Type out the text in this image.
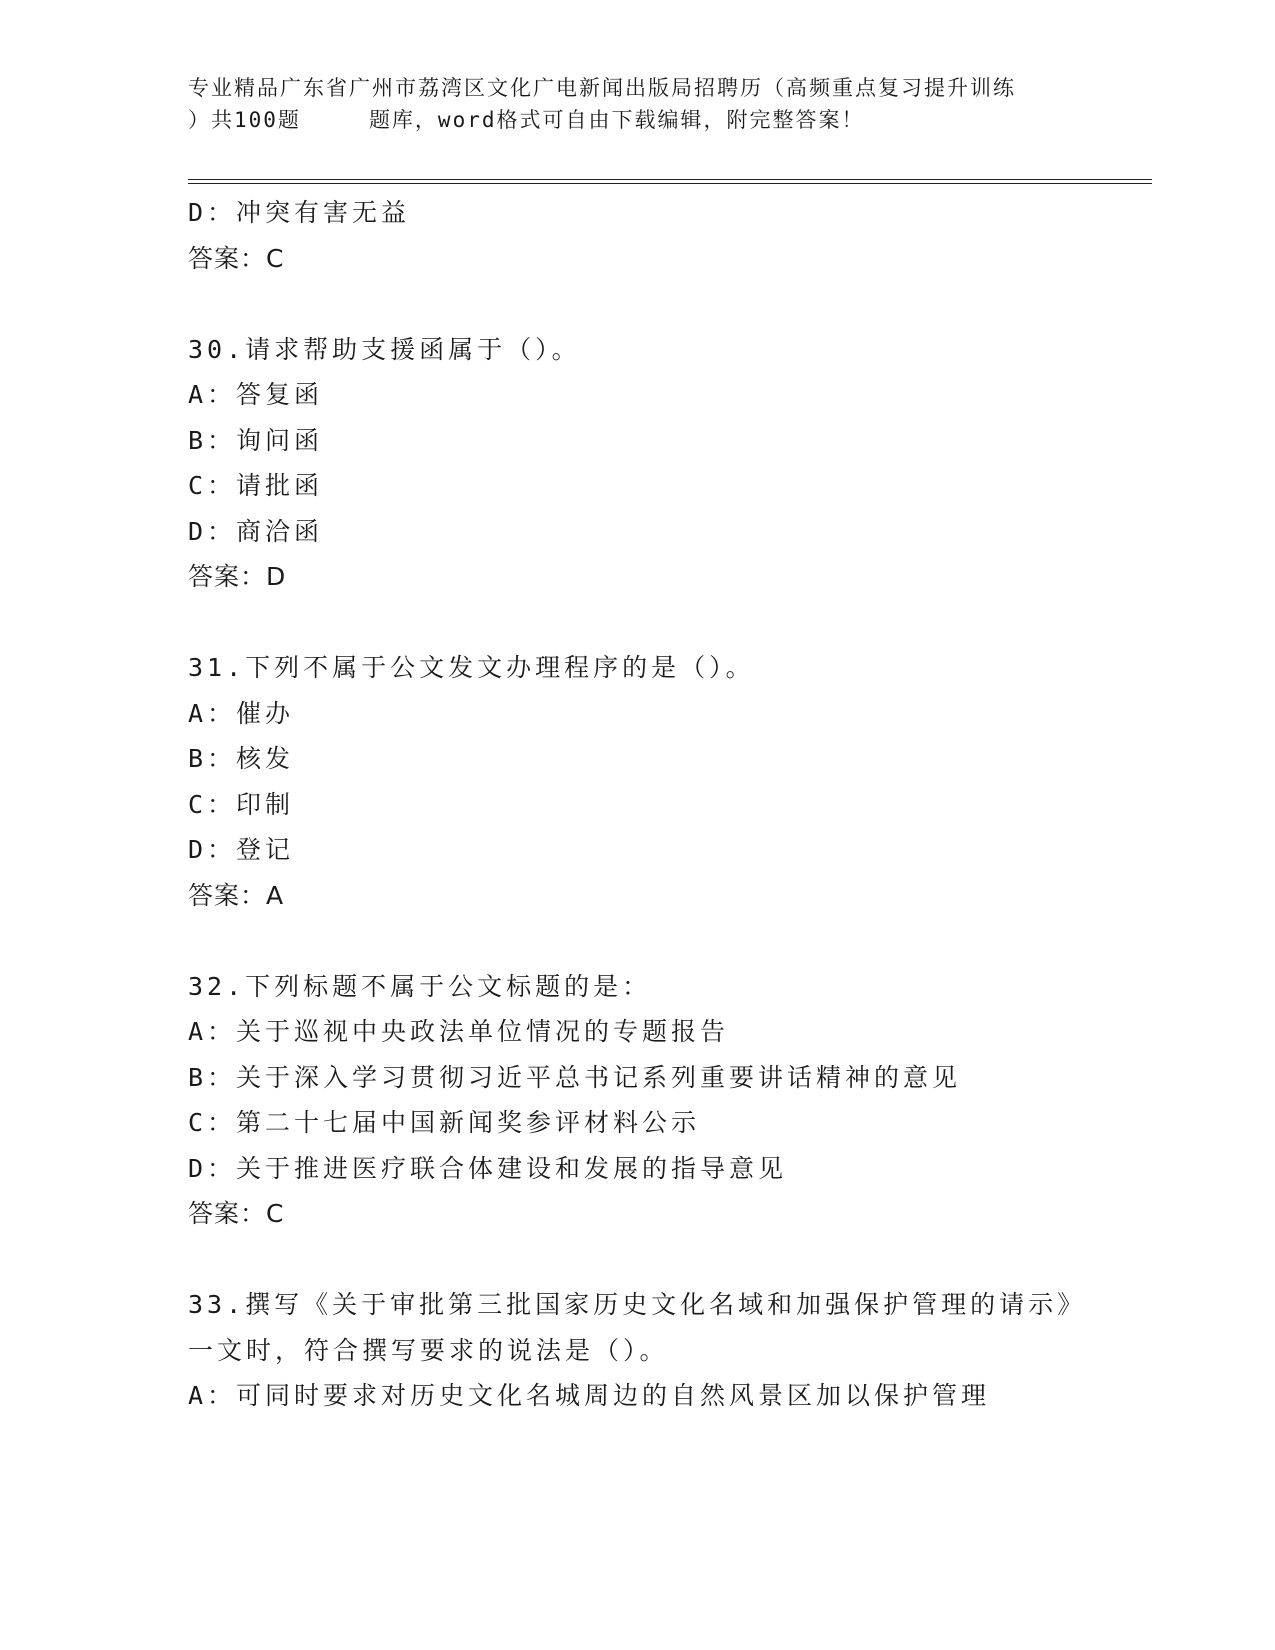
专业精品广东省广州市荔湾区文化广电新闻出版局招聘历（高频重点复习提升训练
）共100题	题库，word格式可自由下载编辑，附完整答案！
D：冲突有害无益
答案：C
30.请求帮助支援函属于（）。
A：答复函
B：询问函
C：请批函
D：商洽函
答案：D
31.下列不属于公文发文办理程序的是（）。
A：催办
B：核发
C：印制
D：登记
答案：A
32.下列标题不属于公文标题的是：
A：关于巡视中央政法单位情况的专题报告
B：关于深入学习贯彻习近平总书记系列重要讲话精神的意见
C：第二十七届中国新闻奖参评材料公示
D：关于推进医疗联合体建设和发展的指导意见
答案：C
33.撰写《关于审批第三批国家历史文化名域和加强保护管理的请示》
一文时，符合撰写要求的说法是（）。
A：可同时要求对历史文化名城周边的自然风景区加以保护管理
